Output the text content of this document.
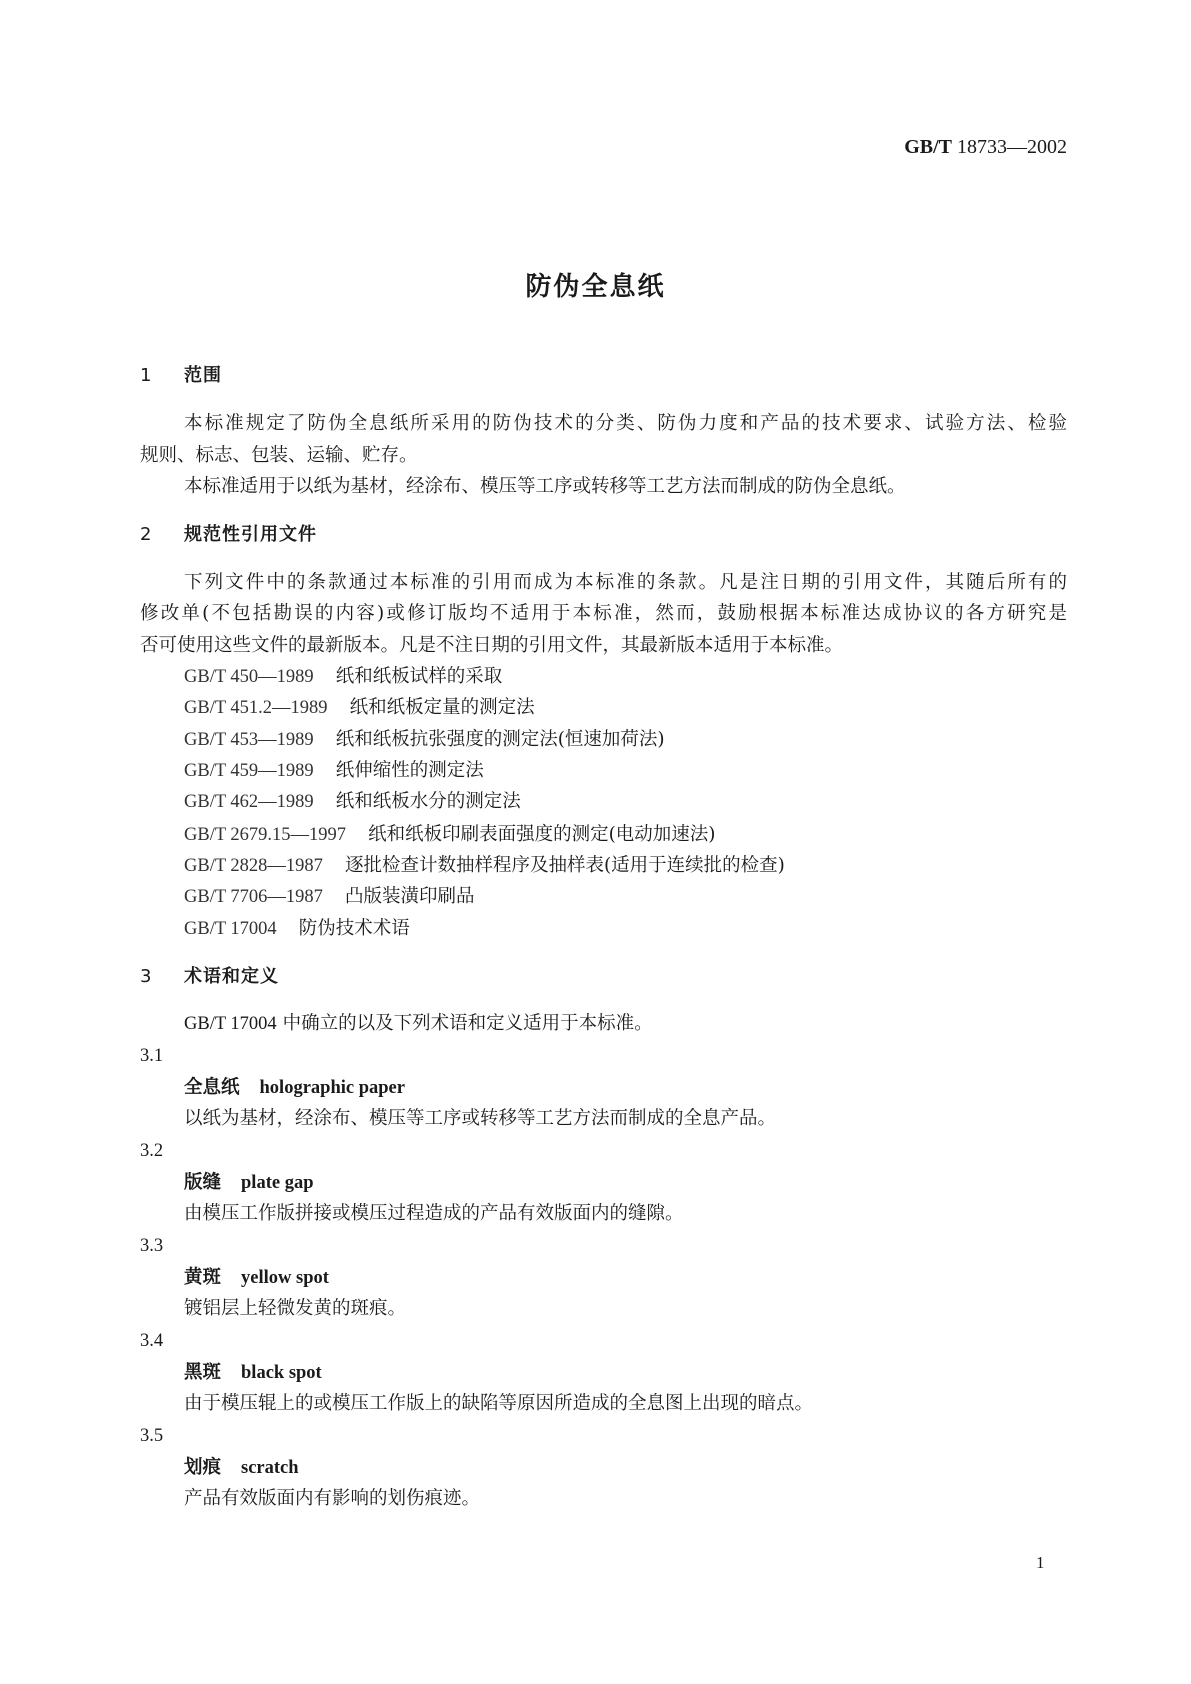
GB/T 18733—2002
防伪全息纸
1 范围
本标准规定了防伪全息纸所采用的防伪技术的分类、防伪力度和产品的技术要求、试验方法、检验
规则、标志、包装、运输、贮存。
本标准适用于以纸为基材，经涂布、模压等工序或转移等工艺方法而制成的防伪全息纸。
2 规范性引用文件
下列文件中的条款通过本标准的引用而成为本标准的条款。凡是注日期的引用文件，其随后所有的
修改单(不包括勘误的内容)或修订版均不适用于本标准，然而，鼓励根据本标准达成协议的各方研究是
否可使用这些文件的最新版本。凡是不注日期的引用文件，其最新版本适用于本标准。
GB/T 450—1989 纸和纸板试样的采取
GB/T 451.2—1989 纸和纸板定量的测定法
GB/T 453—1989 纸和纸板抗张强度的测定法(恒速加荷法)
GB/T 459—1989 纸伸缩性的测定法
GB/T 462—1989 纸和纸板水分的测定法
GB/T 2679.15—1997 纸和纸板印刷表面强度的测定(电动加速法)
GB/T 2828—1987 逐批检查计数抽样程序及抽样表(适用于连续批的检查)
GB/T 7706—1987 凸版装潢印刷品
GB/T 17004 防伪技术术语
3 术语和定义
GB/T 17004 中确立的以及下列术语和定义适用于本标准。
3.1
全息纸 holographic paper
以纸为基材，经涂布、模压等工序或转移等工艺方法而制成的全息产品。
3.2
版缝 plate gap
由模压工作版拼接或模压过程造成的产品有效版面内的缝隙。
3.3
黄斑 yellow spot
镀铝层上轻微发黄的斑痕。
3.4
黑斑 black spot
由于模压辊上的或模压工作版上的缺陷等原因所造成的全息图上出现的暗点。
3.5
划痕 scratch
产品有效版面内有影响的划伤痕迹。
1
